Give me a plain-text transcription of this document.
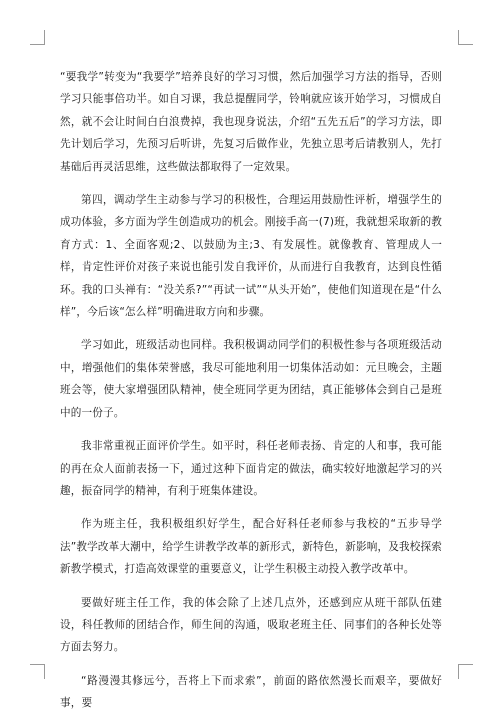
“要我学”转变为“我要学”培养良好的学习习惯，然后加强学习方法的指导，否则学习只能事倍功半。如自习课，我总提醒同学，铃响就应该开始学习，习惯成自然，就不会让时间白白浪费掉，我也现身说法，介绍“五先五后”的学习方法，即先计划后学习，先预习后听讲，先复习后做作业，先独立思考后请教别人，先打基础后再灵活思维，这些做法都取得了一定效果。

第四，调动学生主动参与学习的积极性，合理运用鼓励性评析，增强学生的成功体验，多方面为学生创造成功的机会。刚接手高一(7)班，我就想采取新的教育方式：1、全面客观;2、以鼓励为主;3、有发展性。就像教育、管理成人一样，肯定性评价对孩子来说也能引发自我评价，从而进行自我教育，达到良性循环。我的口头禅有：“没关系?”“再试一试”“从头开始”，使他们知道现在是“什么样”，今后该“怎么样”明确进取方向和步骤。

学习如此，班级活动也同样。我积极调动同学们的积极性参与各项班级活动中，增强他们的集体荣誉感，我尽可能地利用一切集体活动如：元旦晚会，主题班会等，使大家增强团队精神，使全班同学更为团结，真正能够体会到自己是班中的一份子。

我非常重视正面评价学生。如平时，科任老师表扬、肯定的人和事，我可能的再在众人面前表扬一下，通过这种下面肯定的做法，确实较好地激起学习的兴趣，振奋同学的精神，有利于班集体建设。

作为班主任，我积极组织好学生，配合好科任老师参与我校的“五步导学法”教学改革大潮中，给学生讲教学改革的新形式，新特色，新影响，及我校探索新教学模式，打造高效课堂的重要意义，让学生积极主动投入教学改革中。

要做好班主任工作，我的体会除了上述几点外，还感到应从班干部队伍建设，科任教师的团结合作，师生间的沟通，吸取老班主任、同事们的各种长处等方面去努力。

“路漫漫其修远兮，吾将上下而求索”，前面的路依然漫长而艰辛，要做好事，要
